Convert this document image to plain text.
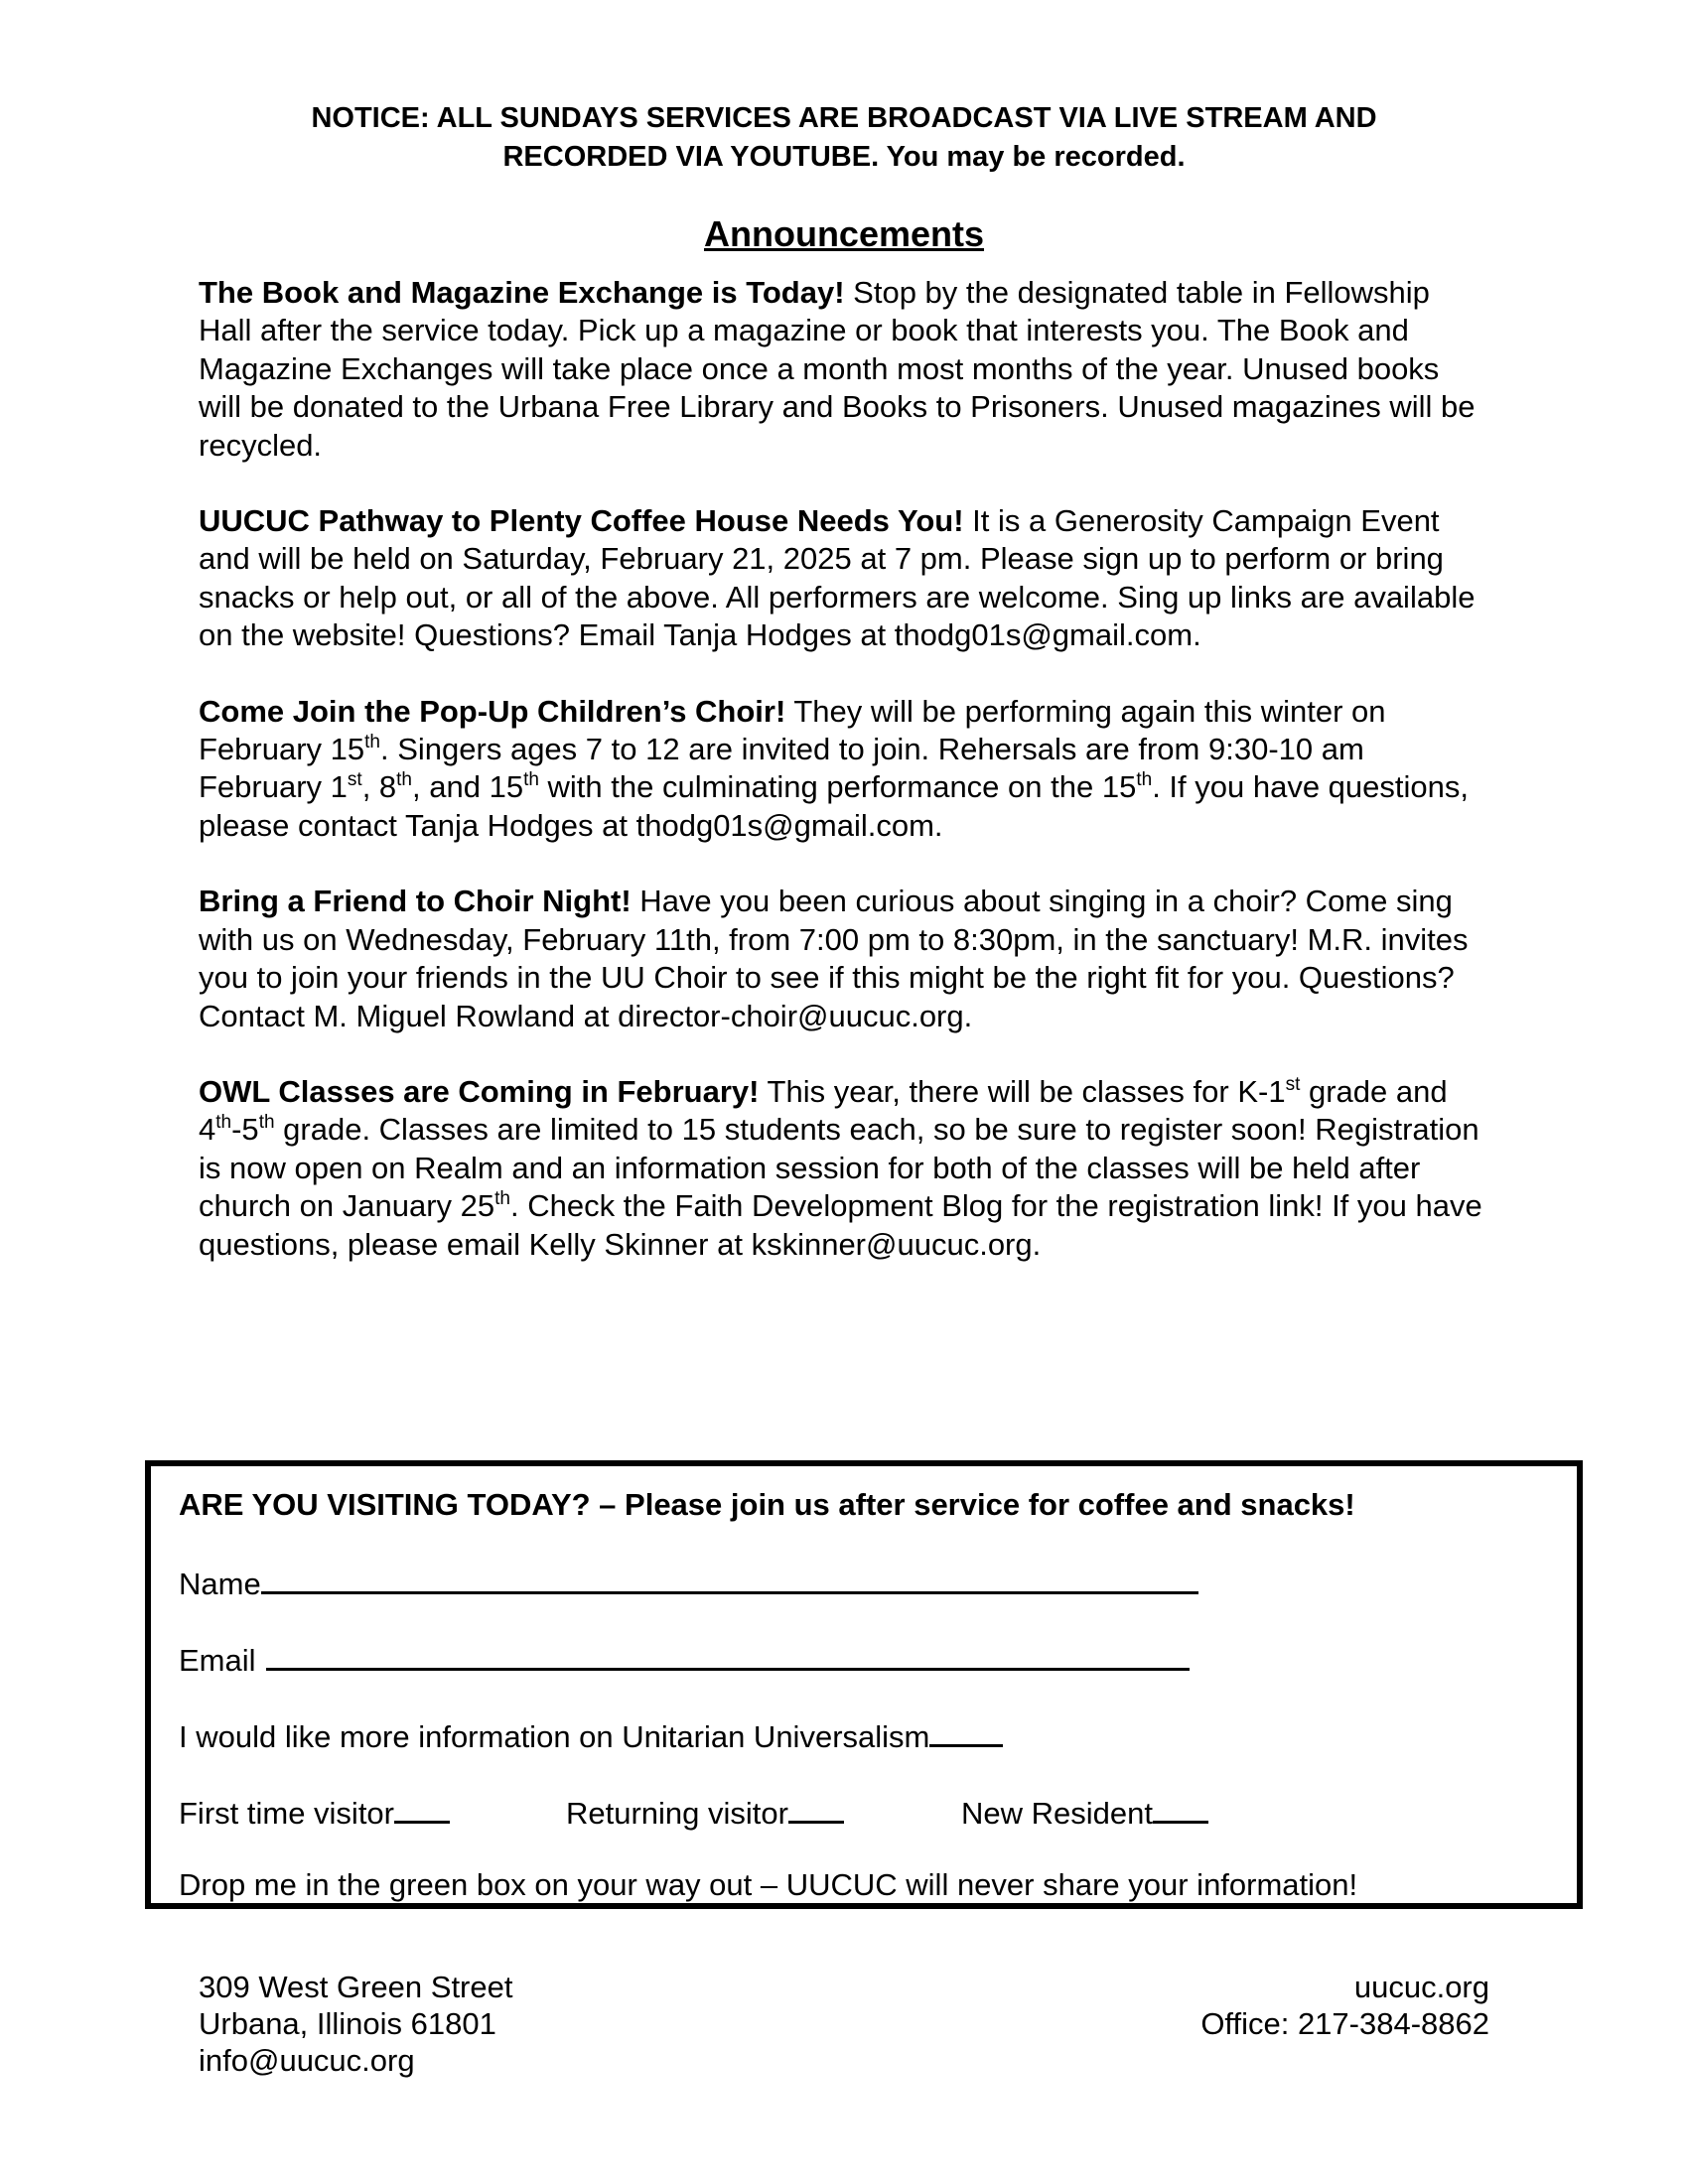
NOTICE: ALL SUNDAYS SERVICES ARE BROADCAST VIA LIVE STREAM AND
RECORDED VIA YOUTUBE. You may be recorded.
Announcements

The Book and Magazine Exchange is Today! Stop by the designated table in Fellowship Hall after the service today. Pick up a magazine or book that interests you. The Book and Magazine Exchanges will take place once a month most months of the year. Unused books will be donated to the Urbana Free Library and Books to Prisoners. Unused magazines will be recycled.

UUCUC Pathway to Plenty Coffee House Needs You! It is a Generosity Campaign Event and will be held on Saturday, February 21, 2025 at 7 pm. Please sign up to perform or bring snacks or help out, or all of the above. All performers are welcome. Sing up links are available on the website! Questions? Email Tanja Hodges at thodg01s@gmail.com.

Come Join the Pop-Up Children’s Choir! They will be performing again this winter on February 15th. Singers ages 7 to 12 are invited to join. Rehersals are from 9:30-10 am February 1st, 8th, and 15th with the culminating performance on the 15th. If you have questions, please contact Tanja Hodges at thodg01s@gmail.com.

Bring a Friend to Choir Night! Have you been curious about singing in a choir? Come sing with us on Wednesday, February 11th, from 7:00 pm to 8:30pm, in the sanctuary! M.R. invites you to join your friends in the UU Choir to see if this might be the right fit for you. Questions? Contact M. Miguel Rowland at director-choir@uucuc.org.

OWL Classes are Coming in February! This year, there will be classes for K-1st grade and 4th-5th grade. Classes are limited to 15 students each, so be sure to register soon! Registration is now open on Realm and an information session for both of the classes will be held after church on January 25th. Check the Faith Development Blog for the registration link! If you have questions, please email Kelly Skinner at kskinner@uucuc.org.

ARE YOU VISITING TODAY? – Please join us after service for coffee and snacks!
Name
Email
I would like more information on Unitarian Universalism
First time visitor	Returning visitor	New Resident
Drop me in the green box on your way out – UUCUC will never share your information!
309 West Green Street
Urbana, Illinois 61801
info@uucuc.org
uucuc.org
Office: 217-384-8862
